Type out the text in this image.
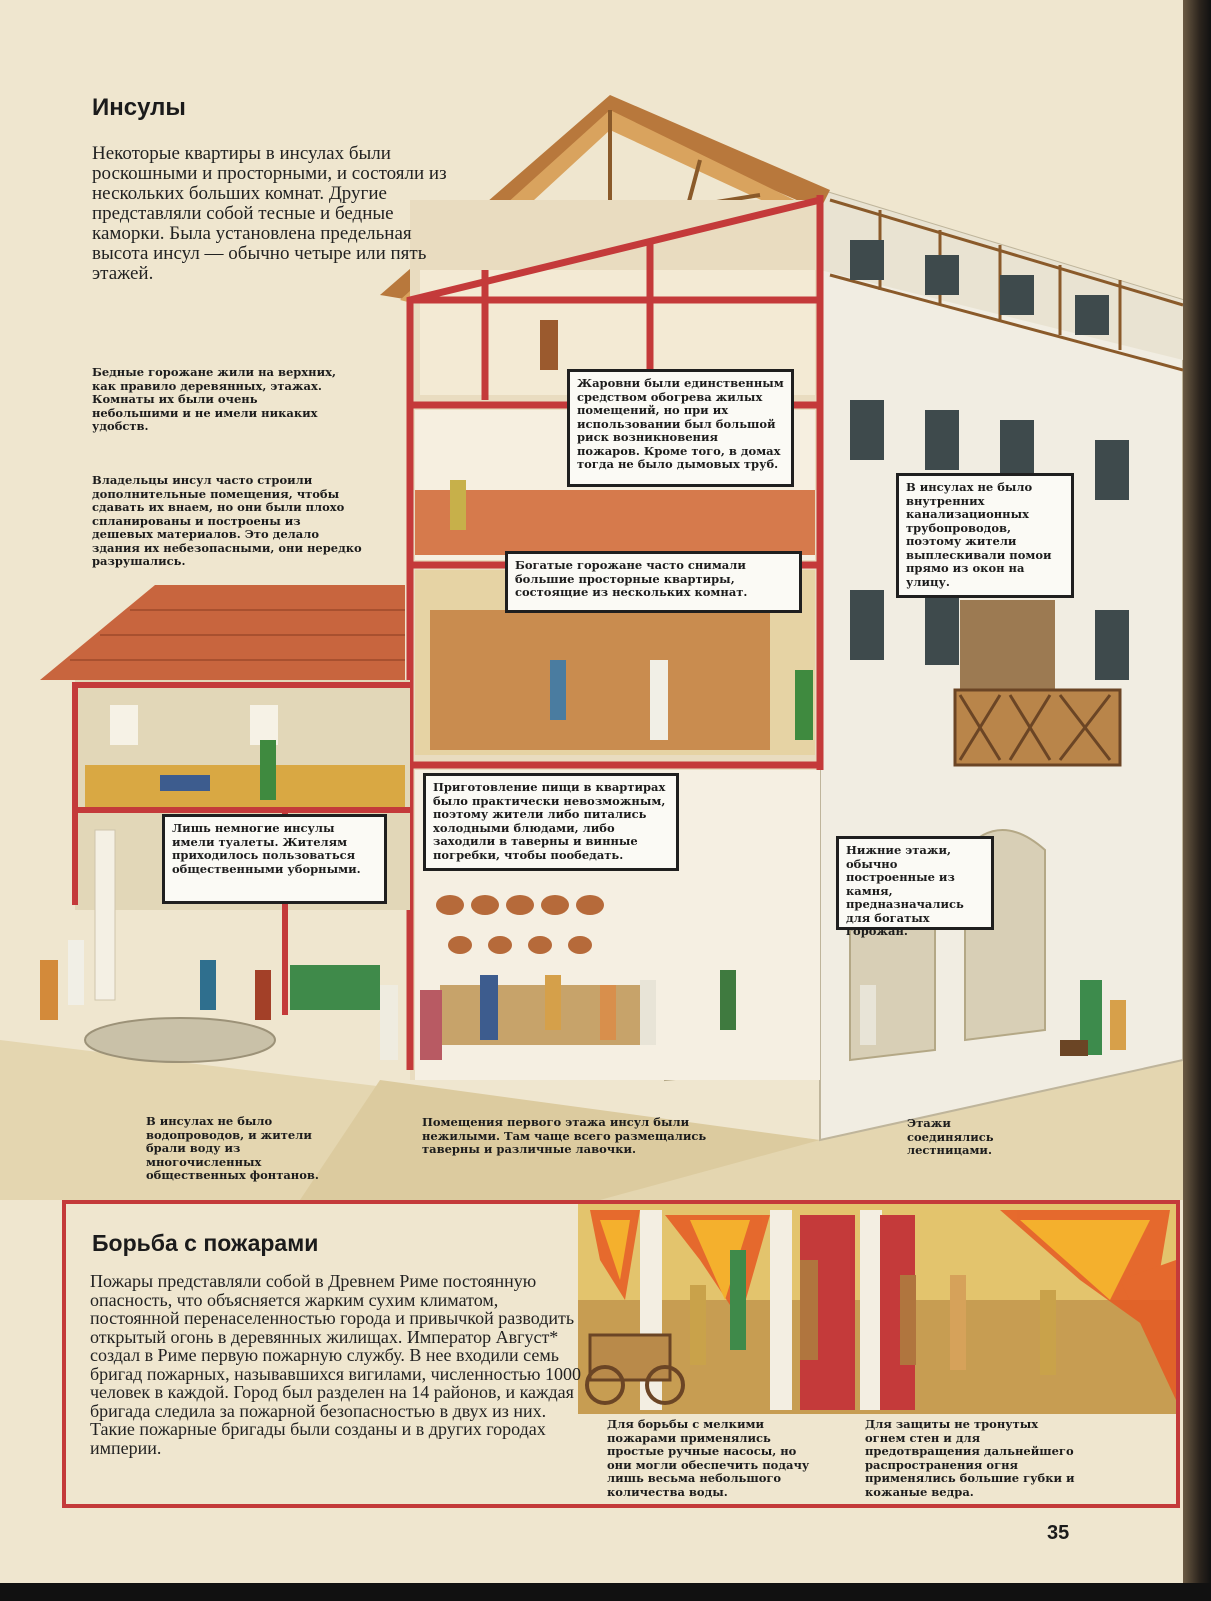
Инсулы

Некоторые квартиры в инсулах были роскошными и просторными, и состояли из нескольких больших комнат. Другие представляли собой тесные и бедные каморки. Была установлена предельная высота инсул — обычно четыре или пять этажей.

Бедные горожане жили на верхних, как правило деревянных, этажах. Комнаты их были очень небольшими и не имели никаких удобств.

Владельцы инсул часто строили дополнительные помещения, чтобы сдавать их внаем, но они были плохо спланированы и построены из дешевых материалов. Это делало здания их небезопасными, они нередко разрушались.

Жаровни были единственным средством обогрева жилых помещений, но при их использовании был большой риск возникновения пожаров. Кроме того, в домах тогда не было дымовых труб.

В инсулах не было внутренних канализационных трубопроводов, поэтому жители выплескивали помои прямо из окон на улицу.

Богатые горожане часто снимали большие просторные квартиры, состоящие из нескольких комнат.

Приготовление пищи в квартирах было практически невозможным, поэтому жители либо питались холодными блюдами, либо заходили в таверны и винные погребки, чтобы пообедать.

Лишь немногие инсулы имели туалеты. Жителям приходилось пользоваться общественными уборными.

Нижние этажи, обычно построенные из камня, предназначались для богатых горожан.

В инсулах не было водопроводов, и жители брали воду из многочисленных общественных фонтанов.

Помещения первого этажа инсул были нежилыми. Там чаще всего размещались таверны и различные лавочки.

Этажи соединялись лестницами.

Борьба с пожарами

Пожары представляли собой в Древнем Риме постоянную опасность, что объясняется жарким сухим климатом, постоянной перенаселенностью города и привычкой разводить открытый огонь в деревянных жилищах. Император Август* создал в Риме первую пожарную службу. В нее входили семь бригад пожарных, называвшихся вигилами, численностью 1000 человек в каждой. Город был разделен на 14 районов, и каждая бригада следила за пожарной безопасностью в двух из них. Такие пожарные бригады были созданы и в других городах империи.

Для борьбы с мелкими пожарами применялись простые ручные насосы, но они могли обеспечить подачу лишь весьма небольшого количества воды.

Для защиты не тронутых огнем стен и для предотвращения дальнейшего распространения огня применялись большие губки и кожаные ведра.

35
